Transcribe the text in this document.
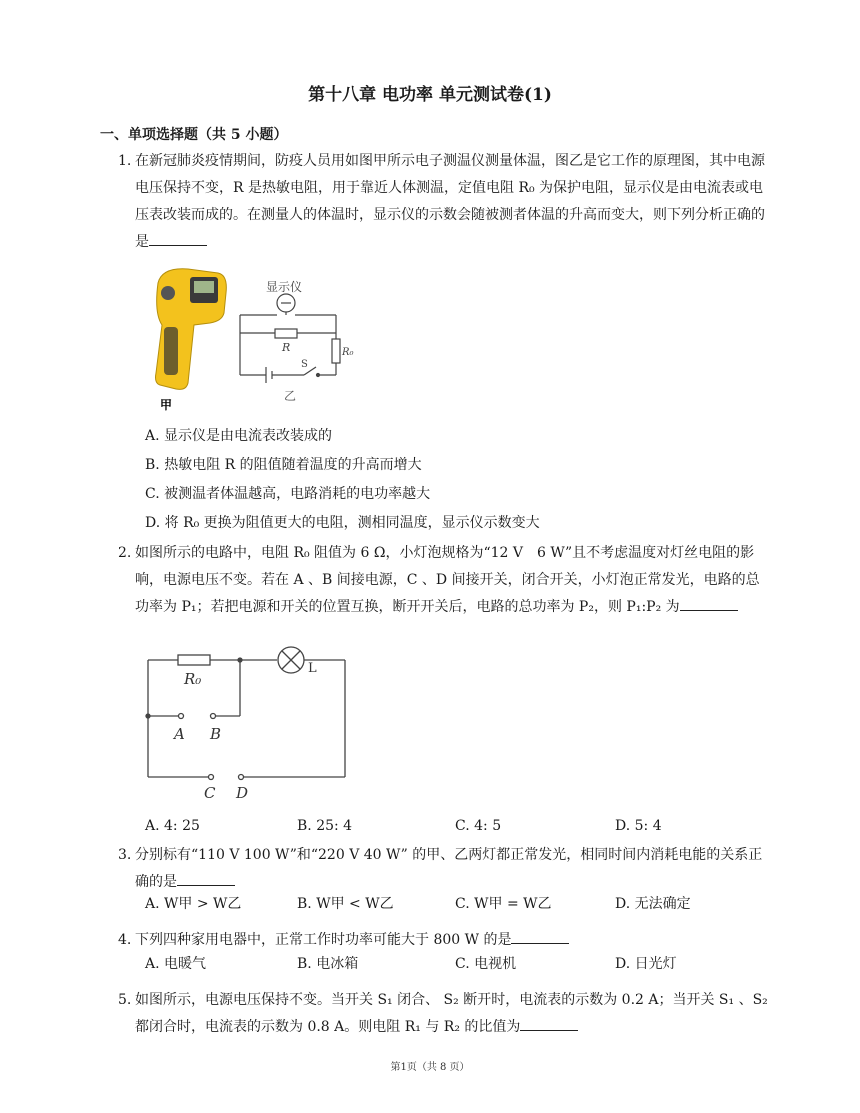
第十八章 电功率 单元测试卷(1)
一、单项选择题（共 5 小题）
1. 在新冠肺炎疫情期间，防疫人员用如图甲所示电子测温仪测量体温，图乙是它工作的原理图，其中电源电压保持不变，R 是热敏电阻，用于靠近人体测温，定值电阻 R₀ 为保护电阻，显示仪是由电流表或电压表改装而成的。在测量人的体温时，显示仪的示数会随被测者体温的升高而变大，则下列分析正确的是
甲
显示仪
R
S
R₀
乙
A. 显示仪是由电流表改装成的
B. 热敏电阻 R 的阻值随着温度的升高而增大
C. 被测温者体温越高，电路消耗的电功率越大
D. 将 R₀ 更换为阻值更大的电阻，测相同温度，显示仪示数变大
2. 如图所示的电路中，电阻 R₀ 阻值为 6 Ω，小灯泡规格为“12 V　6 W”且不考虑温度对灯丝电阻的影响，电源电压不变。若在 A 、B 间接电源，C 、D 间接开关，闭合开关，小灯泡正常发光，电路的总功率为 P₁；若把电源和开关的位置互换，断开开关后，电路的总功率为 P₂，则 P₁:P₂ 为
R₀
L
A B
C D
A. 4: 25	B. 25: 4	C. 4: 5	D. 5: 4
3. 分别标有“110 V 100 W”和“220 V 40 W” 的甲、乙两灯都正常发光，相同时间内消耗电能的关系正确的是
A. W甲 > W乙	B. W甲 < W乙	C. W甲 = W乙	D. 无法确定
4. 下列四种家用电器中，正常工作时功率可能大于 800 W 的是
A. 电暖气	B. 电冰箱	C. 电视机	D. 日光灯
5. 如图所示，电源电压保持不变。当开关 S₁ 闭合、 S₂ 断开时，电流表的示数为 0.2 A；当开关 S₁ 、S₂ 都闭合时，电流表的示数为 0.8 A。则电阻 R₁ 与 R₂ 的比值为
第1页（共 8 页）
